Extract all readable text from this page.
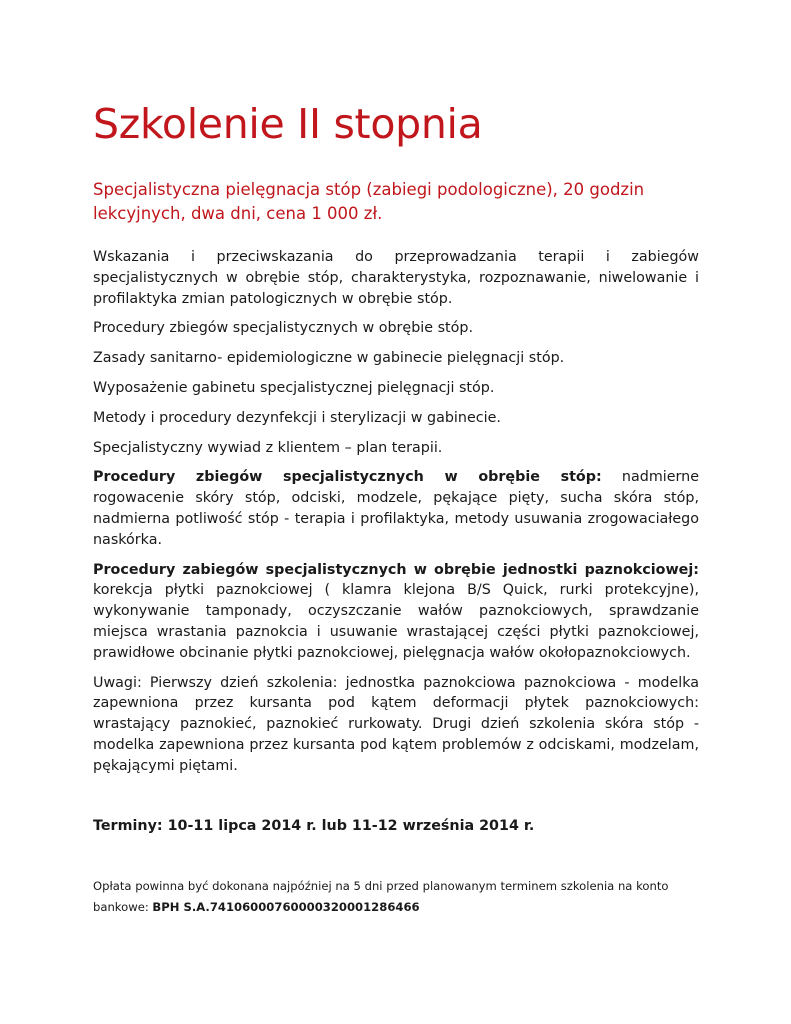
Szkolenie II stopnia

Specjalistyczna pielęgnacja stóp (zabiegi podologiczne), 20 godzin lekcyjnych, dwa dni, cena 1 000 zł.

Wskazania i przeciwskazania do przeprowadzania terapii i zabiegów specjalistycznych w obrębie stóp, charakterystyka, rozpoznawanie, niwelowanie i profilaktyka zmian patologicznych w obrębie stóp.

Procedury zbiegów specjalistycznych w obrębie stóp.

Zasady sanitarno- epidemiologiczne w gabinecie pielęgnacji stóp.

Wyposażenie gabinetu specjalistycznej pielęgnacji stóp.

Metody i procedury dezynfekcji i sterylizacji w gabinecie.

Specjalistyczny wywiad z klientem – plan terapii.

Procedury zbiegów specjalistycznych w obrębie stóp: nadmierne rogowacenie skóry stóp, odciski, modzele, pękające pięty, sucha skóra stóp, nadmierna potliwość stóp - terapia i profilaktyka, metody usuwania zrogowaciałego naskórka.

Procedury zabiegów specjalistycznych w obrębie jednostki paznokciowej: korekcja płytki paznokciowej ( klamra klejona B/S Quick, rurki protekcyjne), wykonywanie tamponady, oczyszczanie wałów paznokciowych, sprawdzanie miejsca wrastania paznokcia i usuwanie wrastającej części płytki paznokciowej, prawidłowe obcinanie płytki paznokciowej, pielęgnacja wałów okołopaznokciowych.

Uwagi: Pierwszy dzień szkolenia: jednostka paznokciowa paznokciowa - modelka zapewniona przez kursanta pod kątem deformacji płytek paznokciowych: wrastający paznokieć, paznokieć rurkowaty. Drugi dzień szkolenia skóra stóp - modelka zapewniona przez kursanta pod kątem problemów z odciskami, modzelam, pękającymi piętami.

Terminy: 10-11 lipca 2014 r. lub 11-12 września 2014 r.

Opłata powinna być dokonana najpóźniej na 5 dni przed planowanym terminem szkolenia na konto bankowe: BPH S.A.74106000760000320001286466
